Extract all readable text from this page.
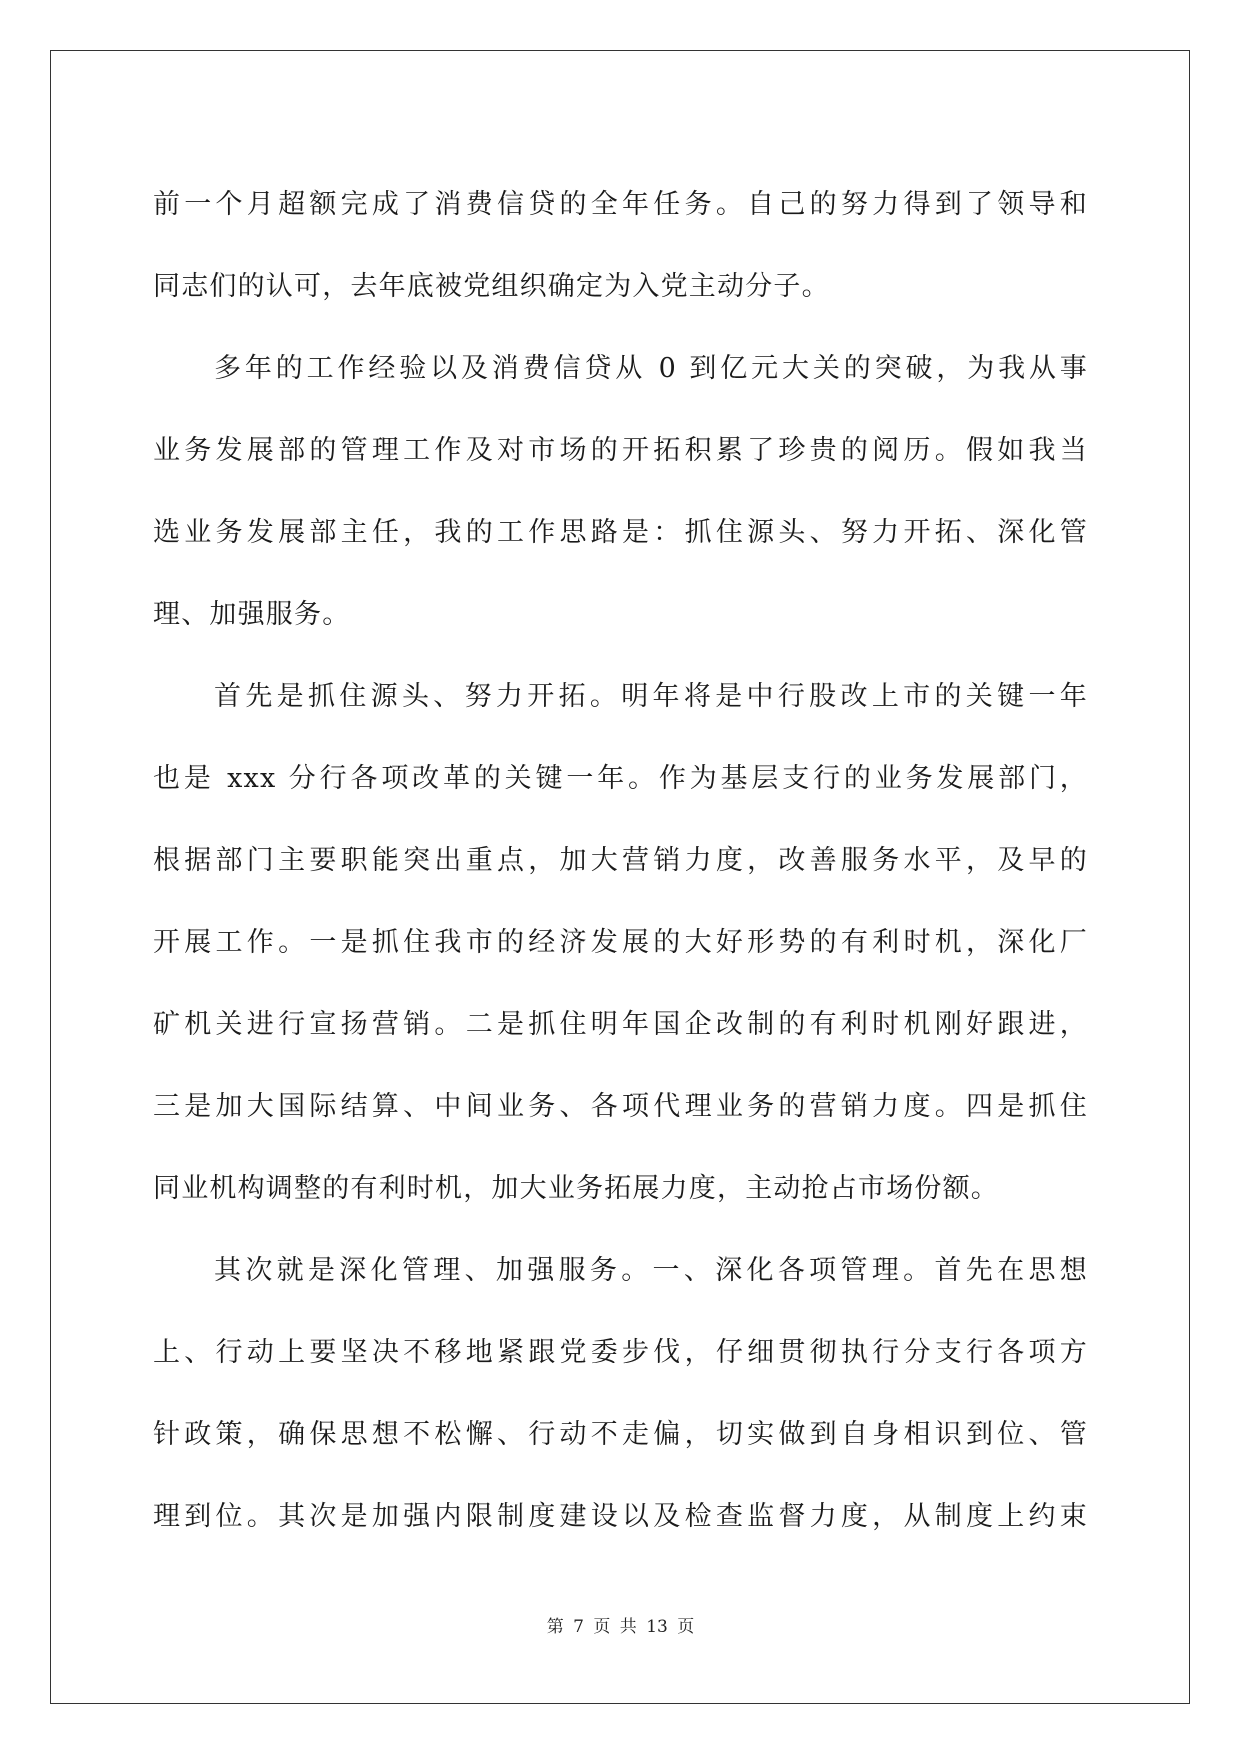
前一个月超额完成了消费信贷的全年任务。自己的努力得到了领导和
同志们的认可，去年底被党组织确定为入党主动分子。
多年的工作经验以及消费信贷从 0 到亿元大关的突破，为我从事
业务发展部的管理工作及对市场的开拓积累了珍贵的阅历。假如我当
选业务发展部主任，我的工作思路是：抓住源头、努力开拓、深化管
理、加强服务。
首先是抓住源头、努力开拓。明年将是中行股改上市的关键一年
也是 xxx 分行各项改革的关键一年。作为基层支行的业务发展部门，
根据部门主要职能突出重点，加大营销力度，改善服务水平，及早的
开展工作。一是抓住我市的经济发展的大好形势的有利时机，深化厂
矿机关进行宣扬营销。二是抓住明年国企改制的有利时机刚好跟进，
三是加大国际结算、中间业务、各项代理业务的营销力度。四是抓住
同业机构调整的有利时机，加大业务拓展力度，主动抢占市场份额。
其次就是深化管理、加强服务。一、深化各项管理。首先在思想
上、行动上要坚决不移地紧跟党委步伐，仔细贯彻执行分支行各项方
针政策，确保思想不松懈、行动不走偏，切实做到自身相识到位、管
理到位。其次是加强内限制度建设以及检查监督力度，从制度上约束
第 7 页 共 13 页
